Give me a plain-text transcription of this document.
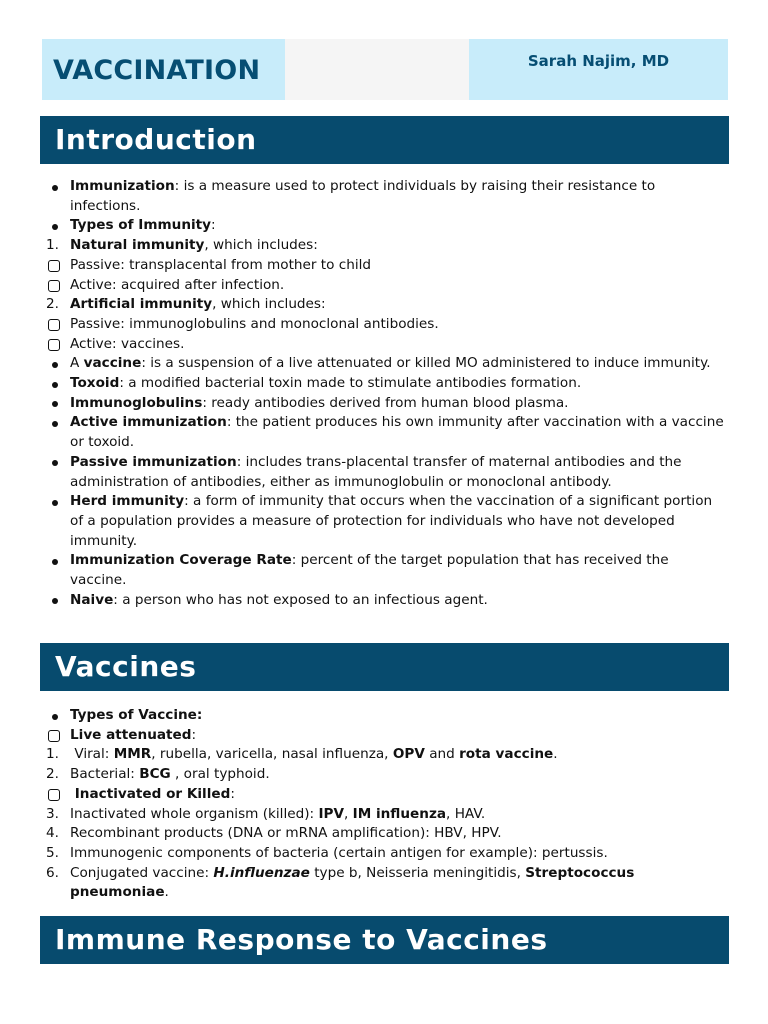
VACCINATION	Sarah Najim, MD
Introduction
Immunization: is a measure used to protect individuals by raising their resistance to infections.
Types of Immunity:
1. Natural immunity, which includes:
Passive: transplacental from mother to child
Active: acquired after infection.
2. Artificial immunity, which includes:
Passive: immunoglobulins and monoclonal antibodies.
Active: vaccines.
A vaccine: is a suspension of a live attenuated or killed MO administered to induce immunity.
Toxoid: a modified bacterial toxin made to stimulate antibodies formation.
Immunoglobulins: ready antibodies derived from human blood plasma.
Active immunization: the patient produces his own immunity after vaccination with a vaccine or toxoid.
Passive immunization: includes trans-placental transfer of maternal antibodies and the administration of antibodies, either as immunoglobulin or monoclonal antibody.
Herd immunity: a form of immunity that occurs when the vaccination of a significant portion of a population provides a measure of protection for individuals who have not developed immunity.
Immunization Coverage Rate: percent of the target population that has received the vaccine.
Naive: a person who has not exposed to an infectious agent.
Vaccines
Types of Vaccine:
Live attenuated:
1. Viral: MMR, rubella, varicella, nasal influenza, OPV and rota vaccine.
2. Bacterial: BCG , oral typhoid.
Inactivated or Killed:
3. Inactivated whole organism (killed): IPV, IM influenza, HAV.
4. Recombinant products (DNA or mRNA amplification): HBV, HPV.
5. Immunogenic components of bacteria (certain antigen for example): pertussis.
6. Conjugated vaccine: H.influenzae type b, Neisseria meningitidis, Streptococcus pneumoniae.
Immune Response to Vaccines
